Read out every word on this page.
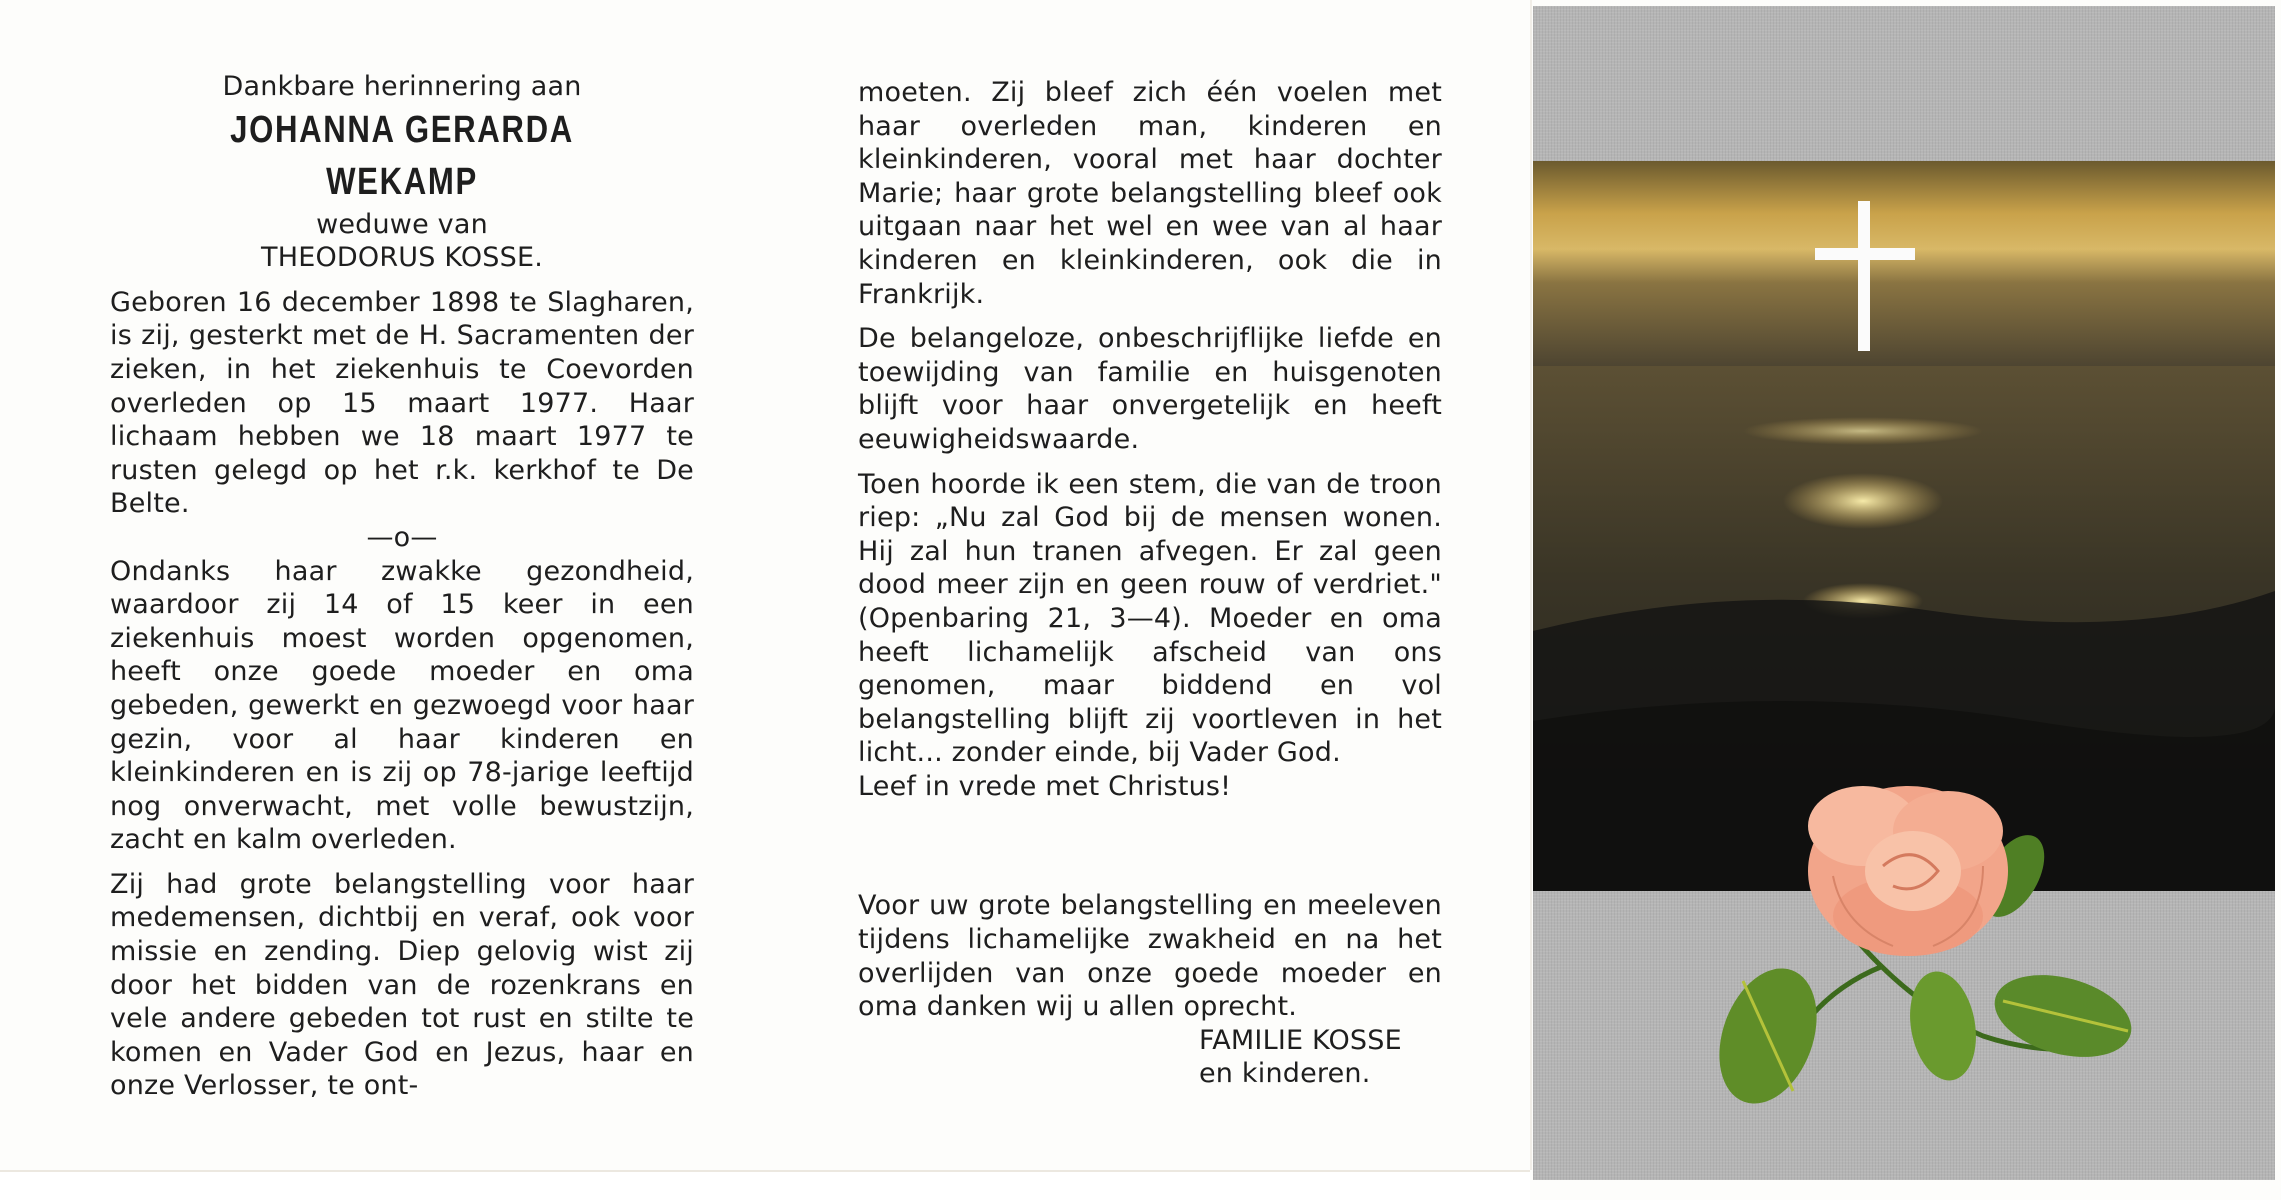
Dankbare herinnering aan

JOHANNA GERARDA WEKAMP

weduwe van

THEODORUS KOSSE.

Geboren 16 december 1898 te Slagharen, is zij, gesterkt met de H. Sacramenten der zieken, in het ziekenhuis te Coevorden overleden op 15 maart 1977. Haar lichaam hebben we 18 maart 1977 te rusten gelegd op het r.k. kerkhof te De Belte.

—o—

Ondanks haar zwakke gezondheid, waardoor zij 14 of 15 keer in een ziekenhuis moest worden opgenomen, heeft onze goede moeder en oma gebeden, gewerkt en gezwoegd voor haar gezin, voor al haar kinderen en kleinkinderen en is zij op 78-jarige leeftijd nog onverwacht, met volle bewustzijn, zacht en kalm overleden.

Zij had grote belangstelling voor haar medemensen, dichtbij en veraf, ook voor missie en zending. Diep gelovig wist zij door het bidden van de rozenkrans en vele andere gebeden tot rust en stilte te komen en Vader God en Jezus, haar en onze Verlosser, te ont-

moeten. Zij bleef zich één voelen met haar overleden man, kinderen en kleinkinderen, vooral met haar dochter Marie; haar grote belangstelling bleef ook uitgaan naar het wel en wee van al haar kinderen en kleinkinderen, ook die in Frankrijk.

De belangeloze, onbeschrijflijke liefde en toewijding van familie en huisgenoten blijft voor haar onvergetelijk en heeft eeuwigheidswaarde.

Toen hoorde ik een stem, die van de troon riep: „Nu zal God bij de mensen wonen. Hij zal hun tranen afvegen. Er zal geen dood meer zijn en geen rouw of verdriet." (Openbaring 21, 3—4). Moeder en oma heeft lichamelijk afscheid van ons genomen, maar biddend en vol belangstelling blijft zij voortleven in het licht... zonder einde, bij Vader God.

Leef in vrede met Christus!

Voor uw grote belangstelling en meeleven tijdens lichamelijke zwakheid en na het overlijden van onze goede moeder en oma danken wij u allen oprecht.

FAMILIE KOSSE
en kinderen.
